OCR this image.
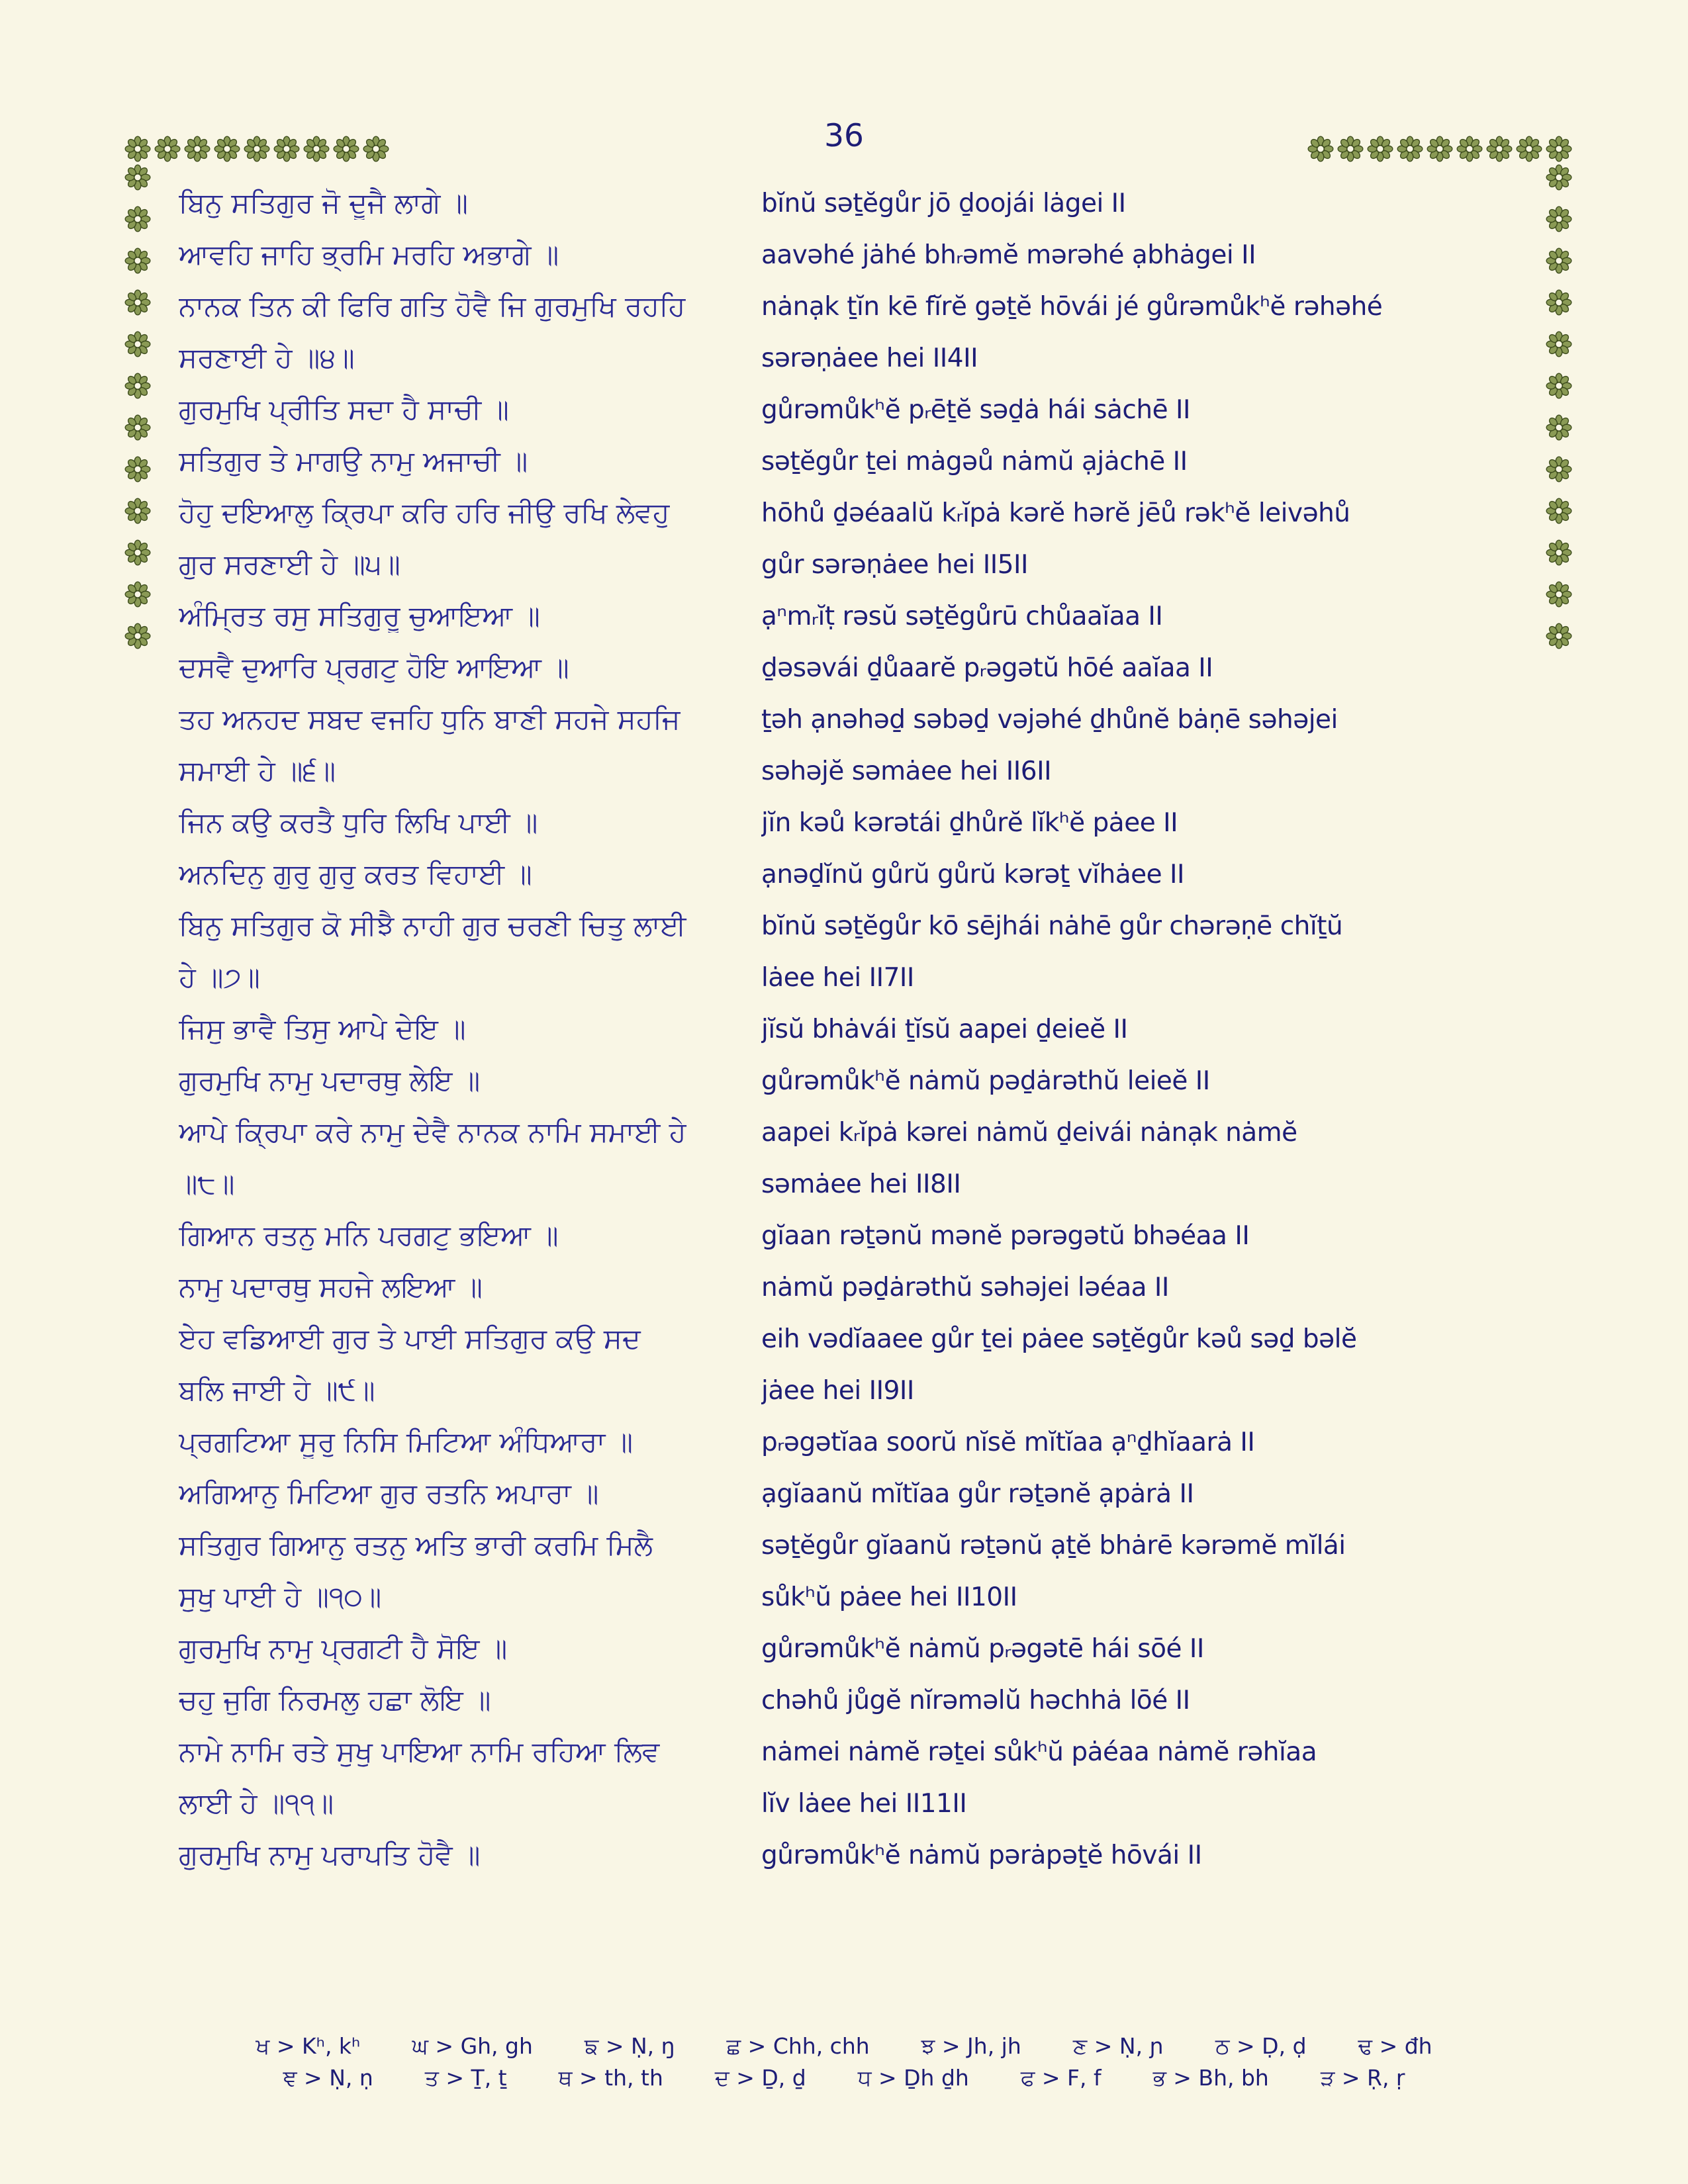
36
ਬਿਨੁ ਸਤਿਗੁਰ ਜੋ ਦੂਜੈ ਲਾਗੇ ॥	bĭnŭ səṯĕgůr jō ḏoojái lȧgei II
ਆਵਹਿ ਜਾਹਿ ਭ੍ਰਮਿ ਮਰਹਿ ਅਭਾਗੇ ॥	aavəhé jȧhé bhᵣəmĕ mərəhé ạbhȧgei II
ਨਾਨਕ ਤਿਨ ਕੀ ਫਿਰਿ ਗਤਿ ਹੋਵੈ ਜਿ ਗੁਰਮੁਖਿ ਰਹਹਿ	nȧnạk ṯĭn kē fĭrĕ gəṯĕ hōvái jé gůrəmůkʰĕ rəhəhé
ਸਰਣਾਈ ਹੇ ॥੪॥	sərəṇȧee hei II4II
ਗੁਰਮੁਖਿ ਪ੍ਰੀਤਿ ਸਦਾ ਹੈ ਸਾਚੀ ॥	gůrəmůkʰĕ pᵣēṯĕ səḏȧ hái sȧchē II
ਸਤਿਗੁਰ ਤੇ ਮਾਗਉ ਨਾਮੁ ਅਜਾਚੀ ॥	səṯĕgůr ṯei mȧgəů nȧmŭ ạjȧchē II
ਹੋਹੁ ਦਇਆਲੁ ਕ੍ਰਿਪਾ ਕਰਿ ਹਰਿ ਜੀਉ ਰਖਿ ਲੇਵਹੁ	hōhů ḏəéaalŭ kᵣĭpȧ kərĕ hərĕ jēů rəkʰĕ leivəhů
ਗੁਰ ਸਰਣਾਈ ਹੇ ॥੫॥	gůr sərəṇȧee hei II5II
ਅੰਮ੍ਰਿਤ ਰਸੁ ਸਤਿਗੁਰੂ ਚੁਆਇਆ ॥	ạⁿmᵣĭṭ rəsŭ səṯĕgůrū chůaaĭaa II
ਦਸਵੈ ਦੁਆਰਿ ਪ੍ਰਗਟੁ ਹੋਇ ਆਇਆ ॥	ḏəsəvái ḏůaarĕ pᵣəgətŭ hōé aaĭaa II
ਤਹ ਅਨਹਦ ਸਬਦ ਵਜਹਿ ਧੁਨਿ ਬਾਣੀ ਸਹਜੇ ਸਹਜਿ	ṯəh ạnəhəḏ səbəḏ vəjəhé ḏhůnĕ bȧṇē səhəjei
ਸਮਾਈ ਹੇ ॥੬॥	səhəjĕ səmȧee hei II6II
ਜਿਨ ਕਉ ਕਰਤੈ ਧੁਰਿ ਲਿਖਿ ਪਾਈ ॥	jĭn kəů kərətái ḏhůrĕ lĭkʰĕ pȧee II
ਅਨਦਿਨੁ ਗੁਰੁ ਗੁਰੁ ਕਰਤ ਵਿਹਾਈ ॥	ạnəḏĭnŭ gůrŭ gůrŭ kərəṯ vĭhȧee II
ਬਿਨੁ ਸਤਿਗੁਰ ਕੋ ਸੀਝੈ ਨਾਹੀ ਗੁਰ ਚਰਣੀ ਚਿਤੁ ਲਾਈ	bĭnŭ səṯĕgůr kō sējhái nȧhē gůr chərəṇē chĭṯŭ
ਹੇ ॥੭॥	lȧee hei II7II
ਜਿਸੁ ਭਾਵੈ ਤਿਸੁ ਆਪੇ ਦੇਇ ॥	jĭsŭ bhȧvái ṯĭsŭ aapei ḏeieĕ II
ਗੁਰਮੁਖਿ ਨਾਮੁ ਪਦਾਰਥੁ ਲੇਇ ॥	gůrəmůkʰĕ nȧmŭ pəḏȧrəthŭ leieĕ II
ਆਪੇ ਕ੍ਰਿਪਾ ਕਰੇ ਨਾਮੁ ਦੇਵੈ ਨਾਨਕ ਨਾਮਿ ਸਮਾਈ ਹੇ	aapei kᵣĭpȧ kərei nȧmŭ ḏeivái nȧnạk nȧmĕ
॥੮॥	səmȧee hei II8II
ਗਿਆਨ ਰਤਨੁ ਮਨਿ ਪਰਗਟੁ ਭਇਆ ॥	gĭaan rəṯənŭ mənĕ pərəgətŭ bhəéaa II
ਨਾਮੁ ਪਦਾਰਥੁ ਸਹਜੇ ਲਇਆ ॥	nȧmŭ pəḏȧrəthŭ səhəjei ləéaa II
ਏਹ ਵਡਿਆਈ ਗੁਰ ਤੇ ਪਾਈ ਸਤਿਗੁਰ ਕਉ ਸਦ	eih vədĭaaee gůr ṯei pȧee səṯĕgůr kəů səḏ bəlĕ
ਬਲਿ ਜਾਈ ਹੇ ॥੯॥	jȧee hei II9II
ਪ੍ਰਗਟਿਆ ਸੂਰੁ ਨਿਸਿ ਮਿਟਿਆ ਅੰਧਿਆਰਾ ॥	pᵣəgətĭaa soorŭ nĭsĕ mĭtĭaa ạⁿḏhĭaarȧ II
ਅਗਿਆਨੁ ਮਿਟਿਆ ਗੁਰ ਰਤਨਿ ਅਪਾਰਾ ॥	ạgĭaanŭ mĭtĭaa gůr rəṯənĕ ạpȧrȧ II
ਸਤਿਗੁਰ ਗਿਆਨੁ ਰਤਨੁ ਅਤਿ ਭਾਰੀ ਕਰਮਿ ਮਿਲੈ	səṯĕgůr gĭaanŭ rəṯənŭ ạṯĕ bhȧrē kərəmĕ mĭlái
ਸੁਖੁ ਪਾਈ ਹੇ ॥੧੦॥	sůkʰŭ pȧee hei II10II
ਗੁਰਮੁਖਿ ਨਾਮੁ ਪ੍ਰਗਟੀ ਹੈ ਸੋਇ ॥	gůrəmůkʰĕ nȧmŭ pᵣəgətē hái sōé II
ਚਹੁ ਜੁਗਿ ਨਿਰਮਲੁ ਹਛਾ ਲੋਇ ॥	chəhů jůgĕ nĭrəməlŭ həchhȧ lōé II
ਨਾਮੇ ਨਾਮਿ ਰਤੇ ਸੁਖੁ ਪਾਇਆ ਨਾਮਿ ਰਹਿਆ ਲਿਵ	nȧmei nȧmĕ rəṯei sůkʰŭ pȧéaa nȧmĕ rəhĭaa
ਲਾਈ ਹੇ ॥੧੧॥	lĭv lȧee hei II11II
ਗੁਰਮੁਖਿ ਨਾਮੁ ਪਰਾਪਤਿ ਹੋਵੈ ॥	gůrəmůkʰĕ nȧmŭ pərȧpəṯĕ hōvái II
ਖ > Kʰ, kʰ ਘ > Gh, gh ਙ > Ṇ, ŋ ਛ > Chh, chh ਝ > Jh, jh ਣ > Ṇ, ɲ ਠ > Ḍ, ḍ ਢ > đh
ਞ > Ṇ, ṇ ਤ > Ṯ, ṯ ਥ > th, th ਦ > Ḏ, ḏ ਧ > Ḏh ḏh ਫ > F, f ਭ > Bh, bh ੜ > Ṛ, ṛ
